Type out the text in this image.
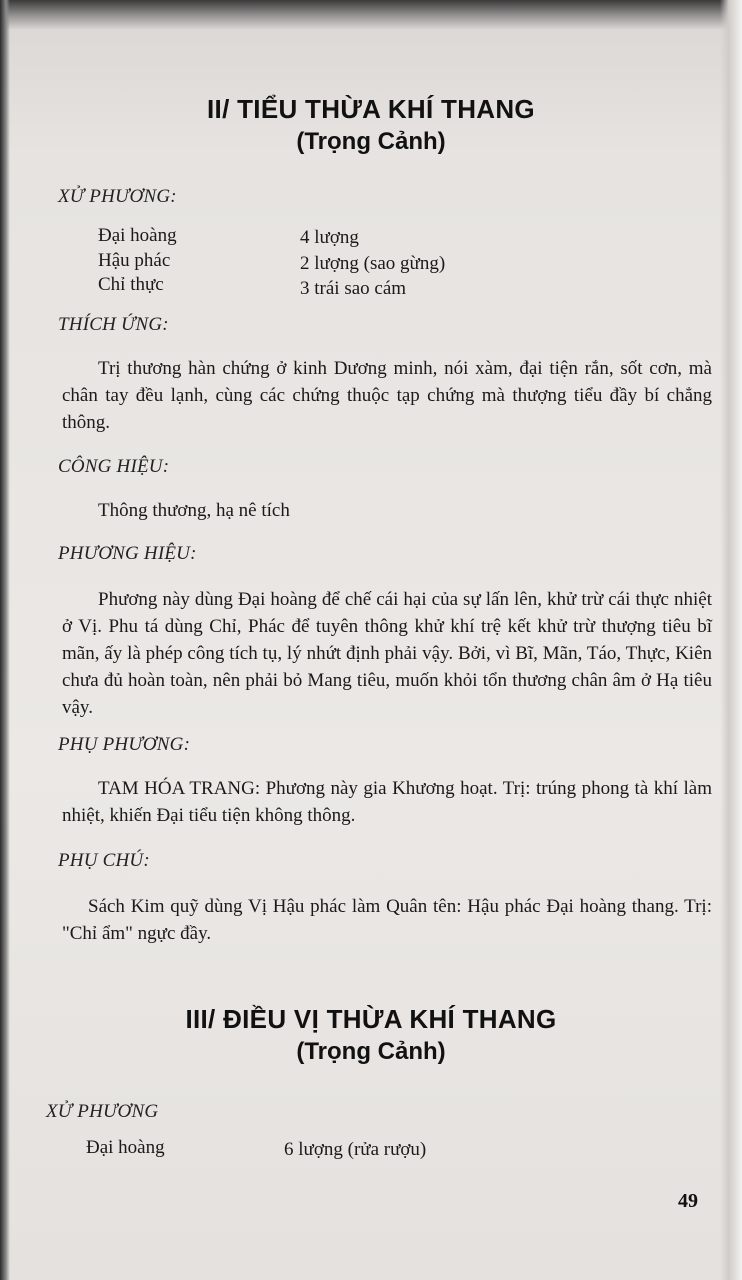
II/ TIỂU THỪA KHÍ THANG
(Trọng Cảnh)
XỬ PHƯƠNG:
Đại hoàng	4 lượng
Hậu phác	2 lượng (sao gừng)
Chỉ thực	3 trái sao cám
THÍCH ỨNG:
Trị thương hàn chứng ở kinh Dương minh, nói xàm, đại tiện rắn, sốt cơn, mà chân tay đều lạnh, cùng các chứng thuộc tạp chứng mà thượng tiểu đầy bí chẳng thông.
CÔNG HIỆU:
Thông thương, hạ nê tích
PHƯƠNG HIỆU:
Phương này dùng Đại hoàng để chế cái hại của sự lấn lên, khử trừ cái thực nhiệt ở Vị. Phu tá dùng Chỉ, Phác để tuyên thông khử khí trệ kết khử trừ thượng tiêu bĩ mãn, ấy là phép công tích tụ, lý nhứt định phải vậy. Bởi, vì Bĩ, Mãn, Táo, Thực, Kiên chưa đủ hoàn toàn, nên phải bỏ Mang tiêu, muốn khỏi tổn thương chân âm ở Hạ tiêu vậy.
PHỤ PHƯƠNG:
TAM HÓA TRANG: Phương này gia Khương hoạt. Trị: trúng phong tà khí làm nhiệt, khiến Đại tiểu tiện không thông.
PHỤ CHÚ:
Sách Kim quỹ dùng Vị Hậu phác làm Quân tên: Hậu phác Đại hoàng thang. Trị: "Chỉ ẩm" ngực đầy.
III/ ĐIỀU VỊ THỪA KHÍ THANG
(Trọng Cảnh)
XỬ PHƯƠNG
Đại hoàng	6 lượng (rửa rượu)
49
